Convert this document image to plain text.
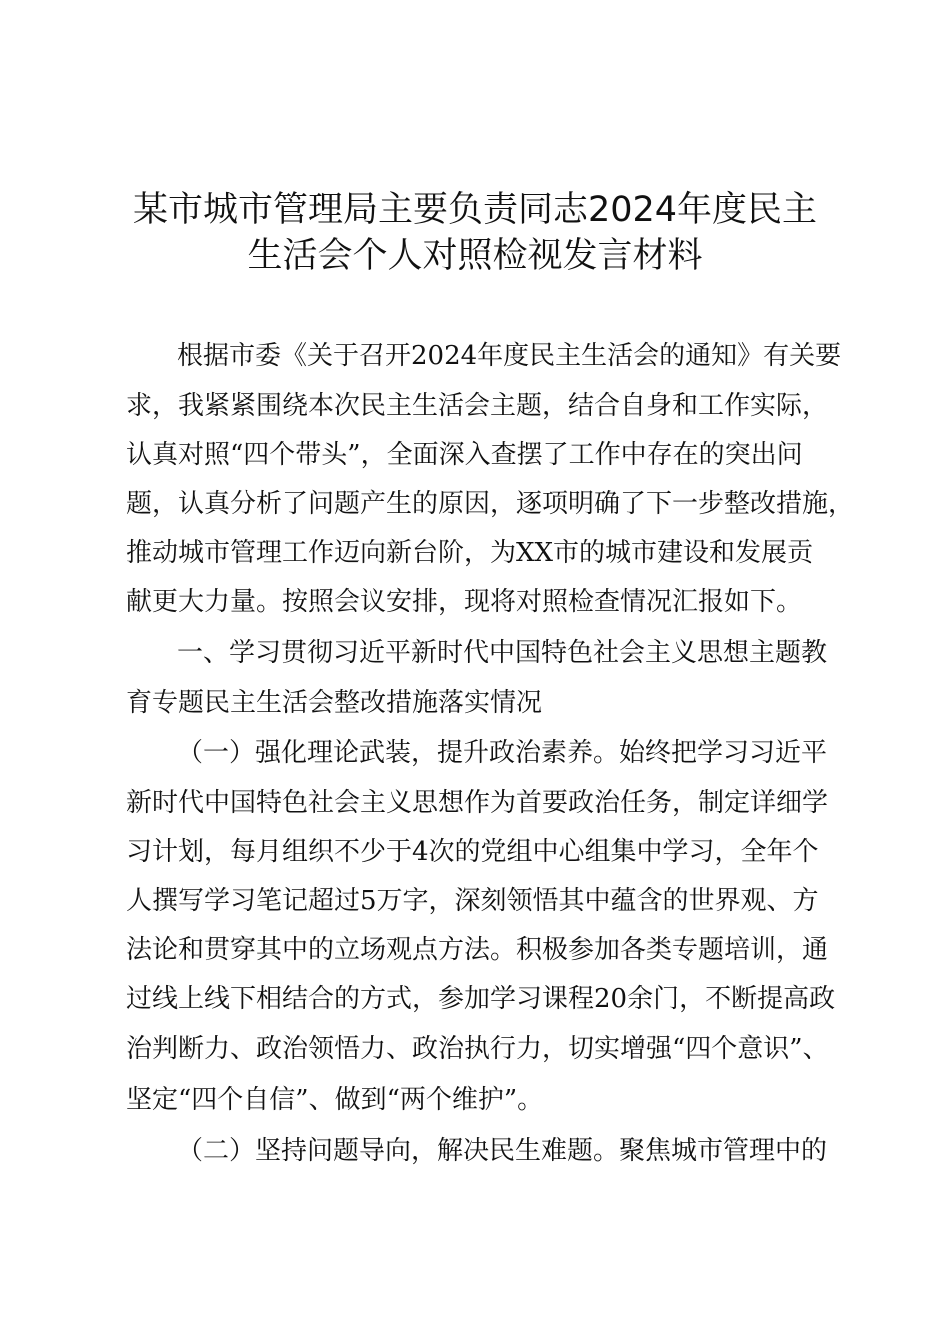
某市城市管理局主要负责同志2024年度民主
生活会个人对照检视发言材料
根据市委《关于召开2024年度民主生活会的通知》有关要
求，我紧紧围绕本次民主生活会主题，结合自身和工作实际，
认真对照“四个带头”，全面深入查摆了工作中存在的突出问
题，认真分析了问题产生的原因，逐项明确了下一步整改措施，
推动城市管理工作迈向新台阶，为XX市的城市建设和发展贡
献更大力量。按照会议安排，现将对照检查情况汇报如下。
一、学习贯彻习近平新时代中国特色社会主义思想主题教
育专题民主生活会整改措施落实情况
（一）强化理论武装，提升政治素养。始终把学习习近平
新时代中国特色社会主义思想作为首要政治任务，制定详细学
习计划，每月组织不少于4次的党组中心组集中学习，全年个
人撰写学习笔记超过5万字，深刻领悟其中蕴含的世界观、方
法论和贯穿其中的立场观点方法。积极参加各类专题培训，通
过线上线下相结合的方式，参加学习课程20余门，不断提高政
治判断力、政治领悟力、政治执行力，切实增强“四个意识”、
坚定“四个自信”、做到“两个维护”。
（二）坚持问题导向，解决民生难题。聚焦城市管理中的
